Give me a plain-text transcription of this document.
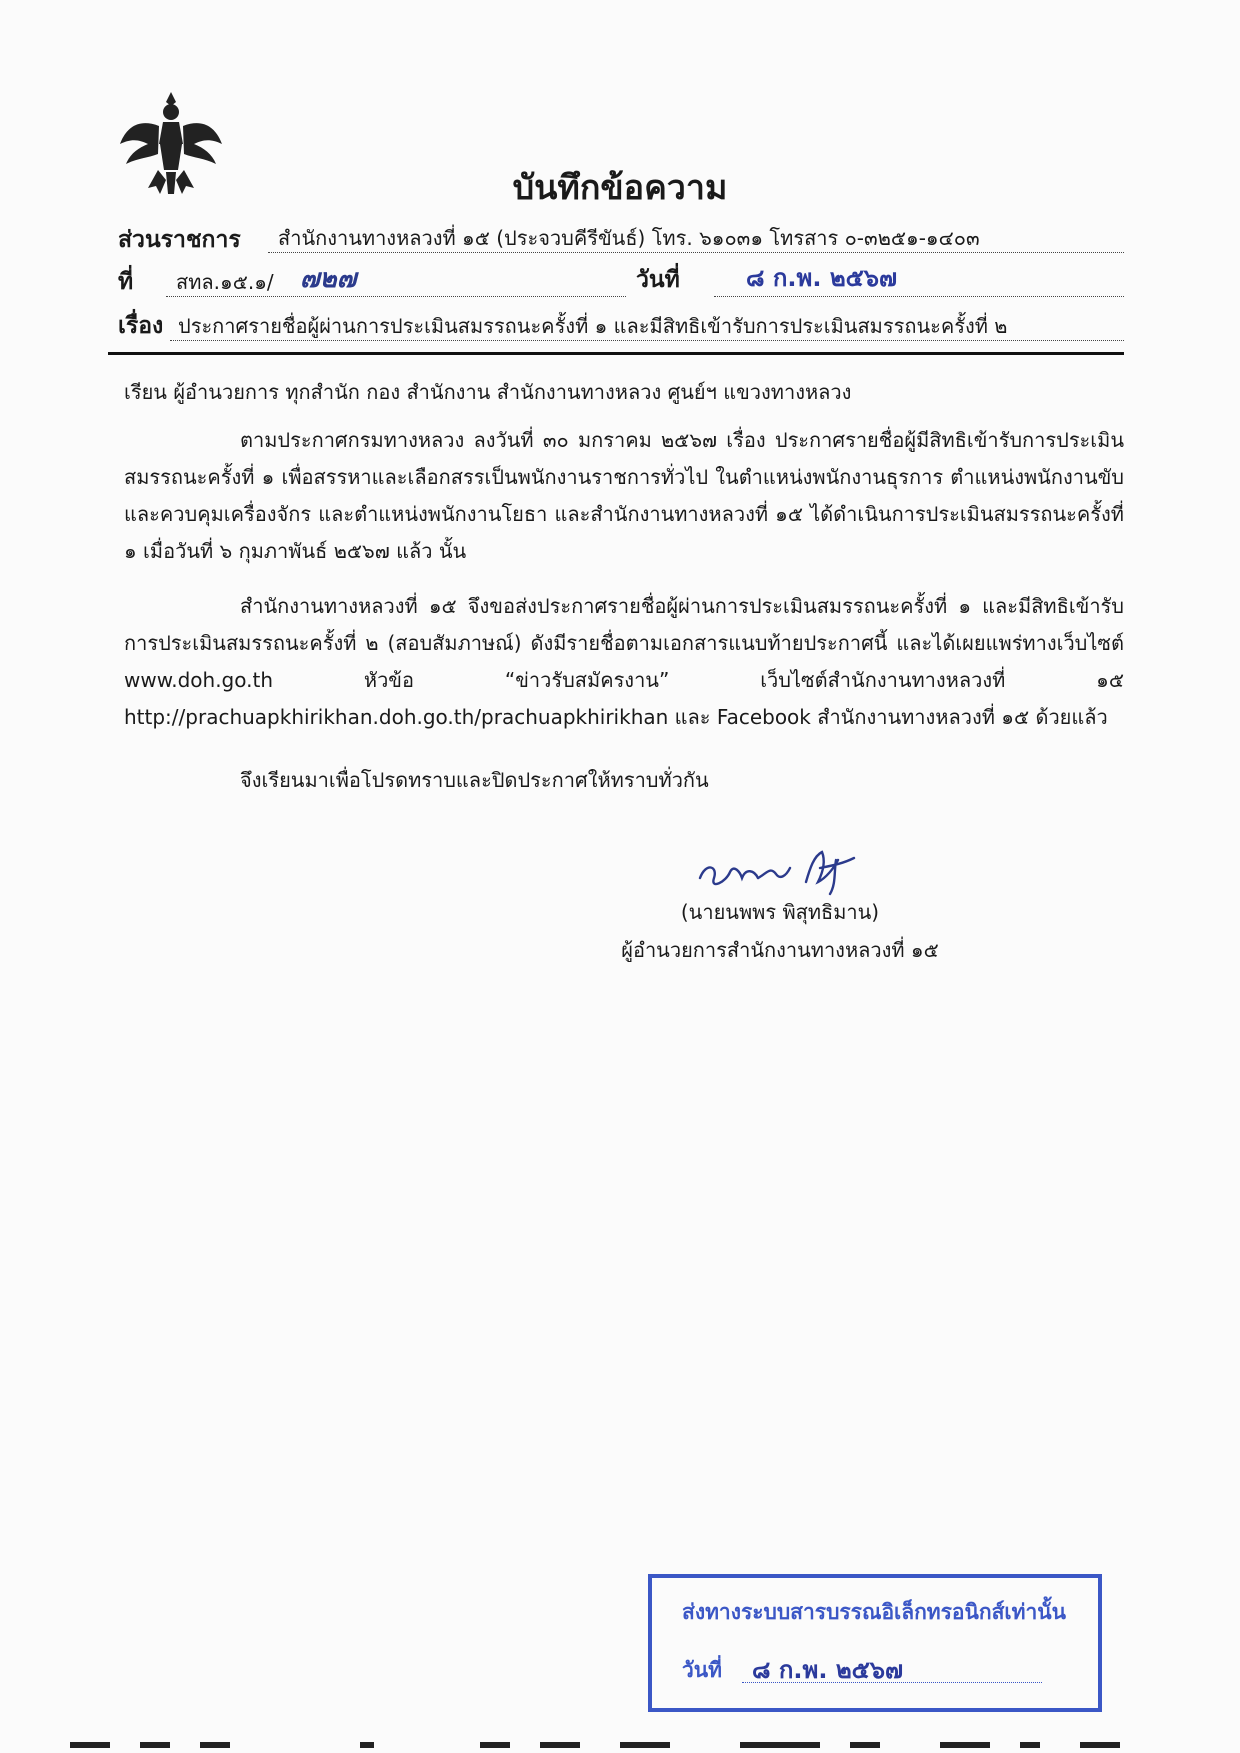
บันทึกข้อความ
ส่วนราชการ สำนักงานทางหลวงที่ ๑๕ (ประจวบคีรีขันธ์) โทร. ๖๑๐๓๑ โทรสาร ๐-๓๒๕๑-๑๔๐๓
ที่ สทล.๑๕.๑/ ๗๒๗	วันที่	๘ ก.พ. ๒๕๖๗
เรื่อง ประกาศรายชื่อผู้ผ่านการประเมินสมรรถนะครั้งที่ ๑ และมีสิทธิเข้ารับการประเมินสมรรถนะครั้งที่ ๒
เรียน ผู้อำนวยการ ทุกสำนัก กอง สำนักงาน สำนักงานทางหลวง ศูนย์ฯ แขวงทางหลวง
ตามประกาศกรมทางหลวง ลงวันที่ ๓๐ มกราคม ๒๕๖๗ เรื่อง ประกาศรายชื่อผู้มีสิทธิเข้ารับการประเมินสมรรถนะครั้งที่ ๑ เพื่อสรรหาและเลือกสรรเป็นพนักงานราชการทั่วไป ในตำแหน่งพนักงานธุรการ ตำแหน่งพนักงานขับและควบคุมเครื่องจักร และตำแหน่งพนักงานโยธา และสำนักงานทางหลวงที่ ๑๕ ได้ดำเนินการประเมินสมรรถนะครั้งที่ ๑ เมื่อวันที่ ๖ กุมภาพันธ์ ๒๕๖๗ แล้ว นั้น
สำนักงานทางหลวงที่ ๑๕ จึงขอส่งประกาศรายชื่อผู้ผ่านการประเมินสมรรถนะครั้งที่ ๑ และมีสิทธิเข้ารับการประเมินสมรรถนะครั้งที่ ๒ (สอบสัมภาษณ์) ดังมีรายชื่อตามเอกสารแนบท้ายประกาศนี้ และได้เผยแพร่ทางเว็บไซต์ www.doh.go.th หัวข้อ “ข่าวรับสมัครงาน” เว็บไซต์สำนักงานทางหลวงที่ ๑๕ http://prachuapkhirikhan.doh.go.th/prachuapkhirikhan และ Facebook สำนักงานทางหลวงที่ ๑๕ ด้วยแล้ว
จึงเรียนมาเพื่อโปรดทราบและปิดประกาศให้ทราบทั่วกัน
(นายนพพร พิสุทธิมาน)
ผู้อำนวยการสำนักงานทางหลวงที่ ๑๕
ส่งทางระบบสารบรรณอิเล็กทรอนิกส์เท่านั้น
วันที่ ๘ ก.พ. ๒๕๖๗
